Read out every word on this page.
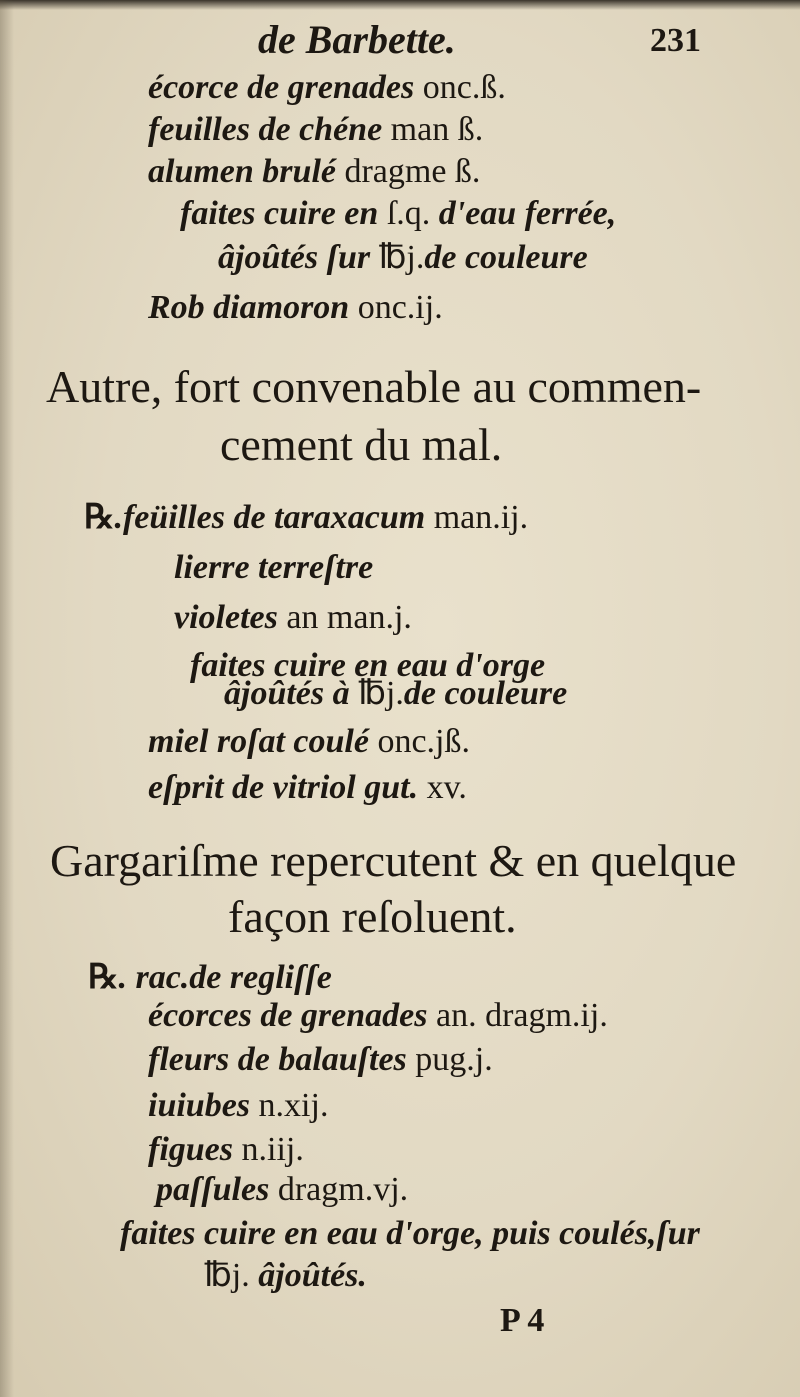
de Barbette.	231
écorce de grenades onc.ß.
feuilles de chéne man ß.
alumen brulé dragme ß.
faites cuire en ſ.q. d'eau ferrée,
âjoûtés ſur ℔j.de couleure
Rob diamoron onc.ij.
Autre, fort convenable au commen-
cement du mal.
℞.feüilles de taraxacum man.ij.
lierre terreſtre
violetes an man.j.
faites cuire en eau d'orge
âjoûtés à ℔j.de couleure
miel roſat coulé onc.jß.
eſprit de vitriol gut. xv.
Gargariſme repercutent & en quelque
façon reſoluent.
℞. rac.de regliſſe
écorces de grenades an. dragm.ij.
fleurs de balauſtes pug.j.
iuiubes n.xij.
figues n.iij.
paſſules dragm.vj.
faites cuire en eau d'orge, puis coulés,ſur
℔j. âjoûtés.
P 4
